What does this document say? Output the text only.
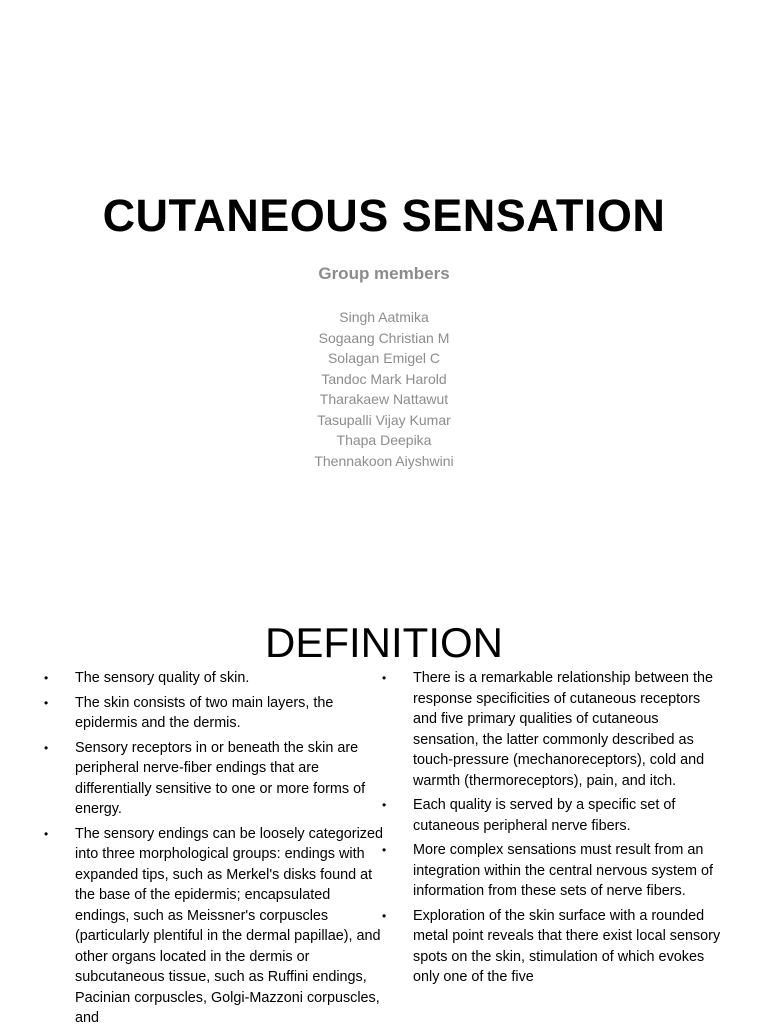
CUTANEOUS SENSATION
Group members
Singh Aatmika
Sogaang Christian M
Solagan Emigel C
Tandoc Mark Harold
Tharakaew Nattawut
Tasupalli Vijay Kumar
Thapa Deepika
Thennakoon Aiyshwini
DEFINITION
• The sensory quality of skin.
• The skin consists of two main layers, the epidermis and the dermis.
• Sensory receptors in or beneath the skin are peripheral nerve-fiber endings that are differentially sensitive to one or more forms of energy.
• The sensory endings can be loosely categorized into three morphological groups: endings with expanded tips, such as Merkel's disks found at the base of the epidermis; encapsulated endings, such as Meissner's corpuscles (particularly plentiful in the dermal papillae), and other organs located in the dermis or subcutaneous tissue, such as Ruffini endings, Pacinian corpuscles, Golgi-Mazzoni corpuscles, and
• There is a remarkable relationship between the response specificities of cutaneous receptors and five primary qualities of cutaneous sensation, the latter commonly described as touch-pressure (mechanoreceptors), cold and warmth (thermoreceptors), pain, and itch.
• Each quality is served by a specific set of cutaneous peripheral nerve fibers.
• More complex sensations must result from an integration within the central nervous system of information from these sets of nerve fibers.
• Exploration of the skin surface with a rounded metal point reveals that there exist local sensory spots on the skin, stimulation of which evokes only one of the five
